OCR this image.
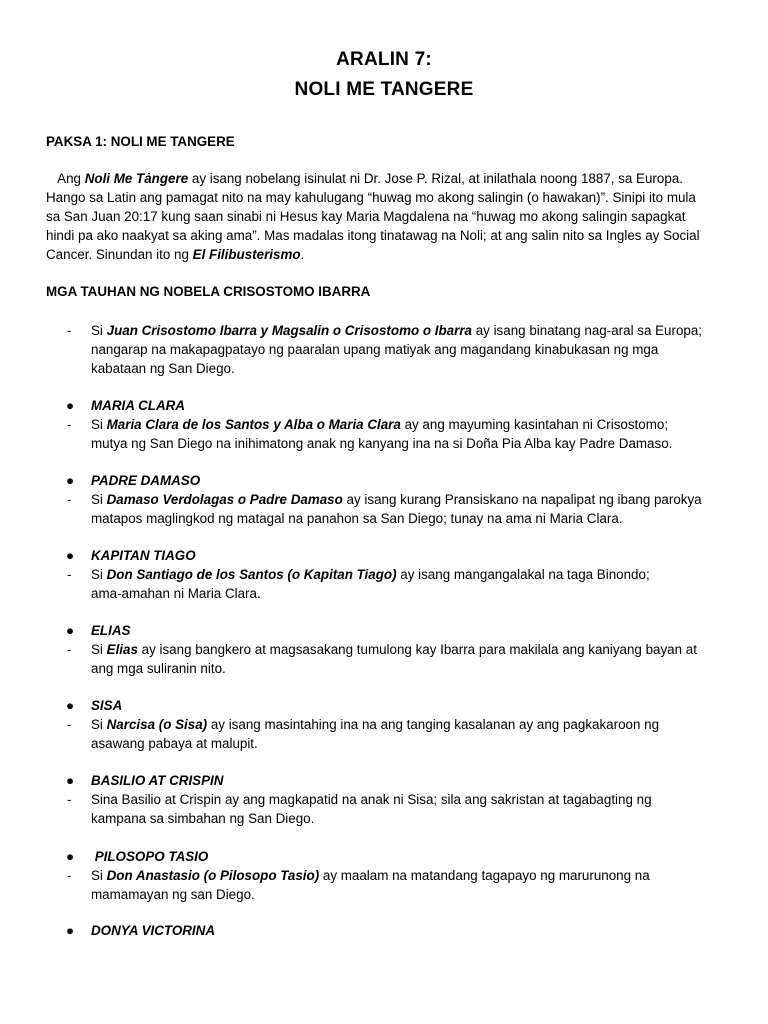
ARALIN 7:
NOLI ME TANGERE
PAKSA 1: NOLI ME TANGERE
Ang Noli Me Tȧngere ay isang nobelang isinulat ni Dr. Jose P. Rizal, at inilathala noong 1887, sa Europa.
Hango sa Latin ang pamagat nito na may kahulugang “huwag mo akong salingin (o hawakan)”. Sinipi ito mula
sa San Juan 20:17 kung saan sinabi ni Hesus kay Maria Magdalena na “huwag mo akong salingin sapagkat
hindi pa ako naakyat sa aking ama”. Mas madalas itong tinatawag na Noli; at ang salin nito sa Ingles ay Social
Cancer. Sinundan ito ng El Filibusterismo.
MGA TAUHAN NG NOBELA CRISOSTOMO IBARRA
-	Si Juan Crisostomo Ibarra y Magsalin o Crisostomo o Ibarra ay isang binatang nag-aral sa Europa;
nangarap na makapagpatayo ng paaralan upang matiyak ang magandang kinabukasan ng mga
kabataan ng San Diego.
●	MARIA CLARA
-	Si Maria Clara de los Santos y Alba o Maria Clara ay ang mayuming kasintahan ni Crisostomo;
mutya ng San Diego na inihimatong anak ng kanyang ina na si Doña Pia Alba kay Padre Damaso.
●	PADRE DAMASO
-	Si Damaso Verdolagas o Padre Damaso ay isang kurang Pransiskano na napalipat ng ibang parokya
matapos maglingkod ng matagal na panahon sa San Diego; tunay na ama ni Maria Clara.
●	KAPITAN TIAGO
-	Si Don Santiago de los Santos (o Kapitan Tiago) ay isang mangangalakal na taga Binondo;
ama-amahan ni Maria Clara.
●	ELIAS
-	Si Elias ay isang bangkero at magsasakang tumulong kay Ibarra para makilala ang kaniyang bayan at
ang mga suliranin nito.
●	SISA
-	Si Narcisa (o Sisa) ay isang masintahing ina na ang tanging kasalanan ay ang pagkakaroon ng
asawang pabaya at malupit.
●	BASILIO AT CRISPIN
-	Sina Basilio at Crispin ay ang magkapatid na anak ni Sisa; sila ang sakristan at tagabagting ng
kampana sa simbahan ng San Diego.
●	PILOSOPO TASIO
-	Si Don Anastasio (o Pilosopo Tasio) ay maalam na matandang tagapayo ng marurunong na
mamamayan ng san Diego.
●	DONYA VICTORINA
